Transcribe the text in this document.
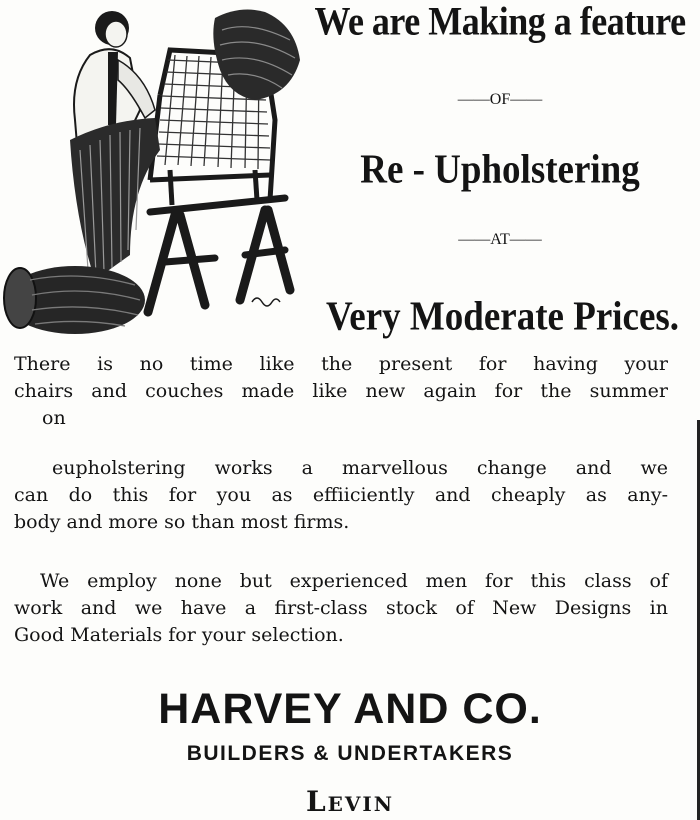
We are Making a feature

——OF——

Re - Upholstering

——AT——

Very Moderate Prices.

There is no time like the present for having your
chairs and couches made like new again for the summer
on

eupholstering works a marvellous change and we
can do this for you as effiiciently and cheaply as any-
body and more so than most firms.

We employ none but experienced men for this class of
work and we have a first-class stock of New Designs in
Good Materials for your selection.

HARVEY AND CO.

BUILDERS & UNDERTAKERS

Levin
